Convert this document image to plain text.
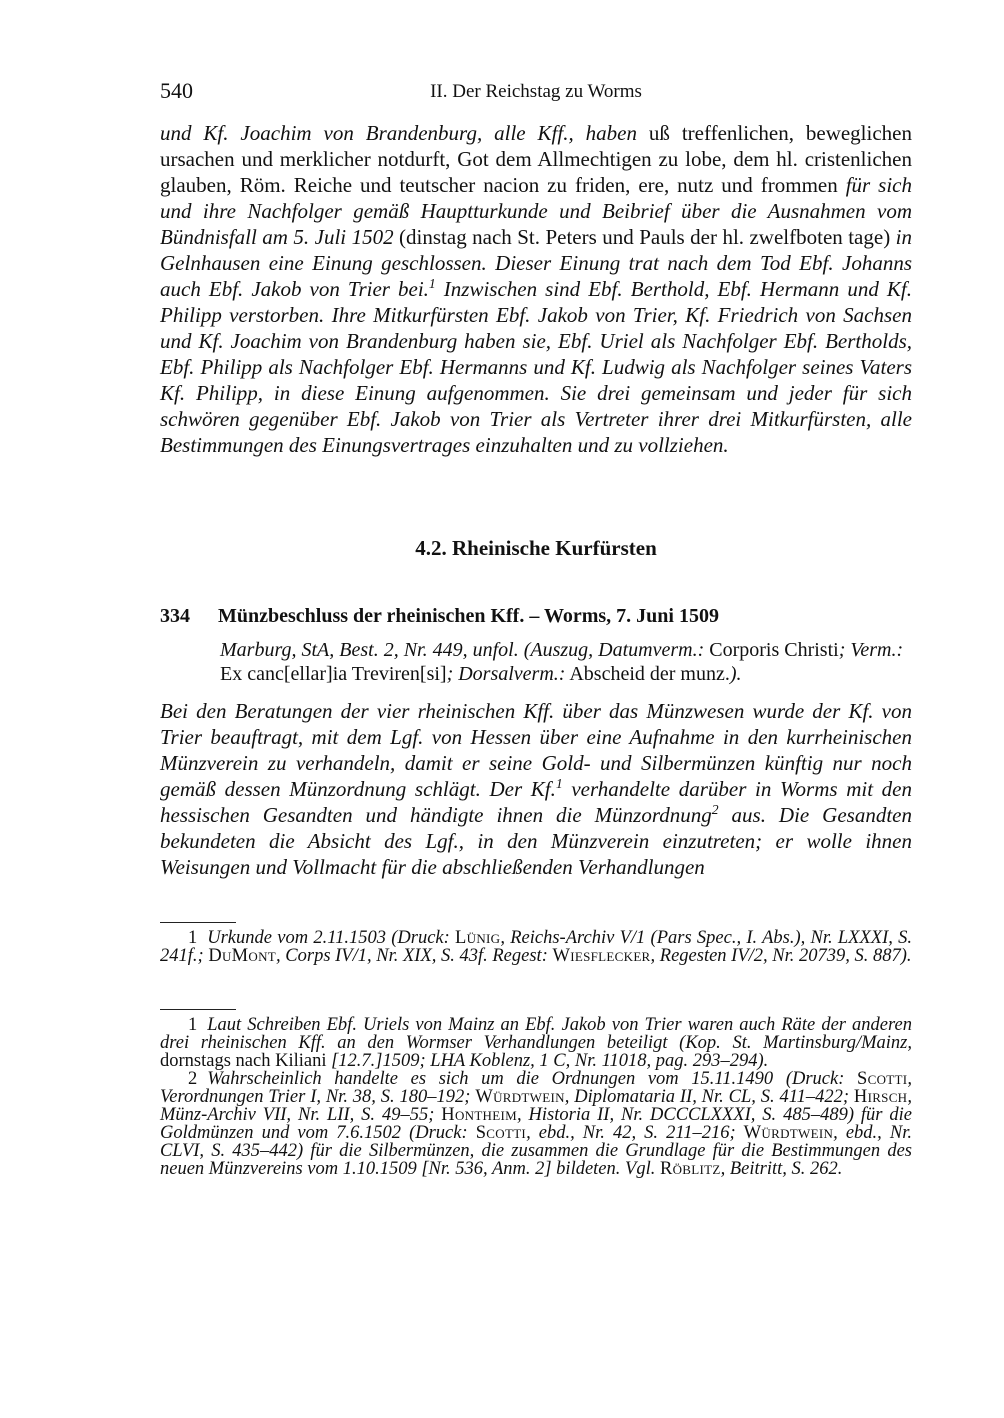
540	II. Der Reichstag zu Worms
und Kf. Joachim von Brandenburg, alle Kff., haben uß treffenlichen, beweglichen ursachen und merklicher notdurft, Got dem Allmechtigen zu lobe, dem hl. cristenlichen glauben, Röm. Reiche und teutscher nacion zu friden, ere, nutz und frommen für sich und ihre Nachfolger gemäß Hauptturkunde und Beibrief über die Ausnahmen vom Bündnisfall am 5. Juli 1502 (dinstag nach St. Peters und Pauls der hl. zwelfboten tage) in Gelnhausen eine Einung geschlossen. Dieser Einung trat nach dem Tod Ebf. Johanns auch Ebf. Jakob von Trier bei.$^1$ Inzwischen sind Ebf. Berthold, Ebf. Hermann und Kf. Philipp verstorben. Ihre Mitkurfürsten Ebf. Jakob von Trier, Kf. Friedrich von Sachsen und Kf. Joachim von Brandenburg haben sie, Ebf. Uriel als Nachfolger Ebf. Bertholds, Ebf. Philipp als Nachfolger Ebf. Hermanns und Kf. Ludwig als Nachfolger seines Vaters Kf. Philipp, in diese Einung aufgenommen. Sie drei gemeinsam und jeder für sich schwören gegenüber Ebf. Jakob von Trier als Vertreter ihrer drei Mitkurfürsten, alle Bestimmungen des Einungsvertrages einzuhalten und zu vollziehen.
4.2. Rheinische Kurfürsten
334 Münzbeschluss der rheinischen Kff. – Worms, 7. Juni 1509
Marburg, StA, Best. 2, Nr. 449, unfol. (Auszug, Datumverm.: Corporis Christi; Verm.: Ex canc[ellar]ia Treviren[si]; Dorsalverm.: Abscheid der munz.).
Bei den Beratungen der vier rheinischen Kff. über das Münzwesen wurde der Kf. von Trier beauftragt, mit dem Lgf. von Hessen über eine Aufnahme in den kurrheinischen Münzverein zu verhandeln, damit er seine Gold- und Silbermünzen künftig nur noch gemäß dessen Münzordnung schlägt. Der Kf.$^1$ verhandelte darüber in Worms mit den hessischen Gesandten und händigte ihnen die Münzordnung$^2$ aus. Die Gesandten bekundeten die Absicht des Lgf., in den Münzverein einzutreten; er wolle ihnen Weisungen und Vollmacht für die abschließenden Verhandlungen
1 Urkunde vom 2.11.1503 (Druck: Lünig, Reichs-Archiv V/1 (Pars Spec., I. Abs.), Nr. LXXXI, S. 241f.; DuMont, Corps IV/1, Nr. XIX, S. 43f. Regest: Wiesflecker, Regesten IV/2, Nr. 20739, S. 887).
1 Laut Schreiben Ebf. Uriels von Mainz an Ebf. Jakob von Trier waren auch Räte der anderen drei rheinischen Kff. an den Wormser Verhandlungen beteiligt (Kop. St. Martinsburg/Mainz, dornstags nach Kiliani [12.7.]1509; LHA Koblenz, 1 C, Nr. 11018, pag. 293–294).
2 Wahrscheinlich handelte es sich um die Ordnungen vom 15.11.1490 (Druck: Scotti, Verordnungen Trier I, Nr. 38, S. 180–192; Würdtwein, Diplomataria II, Nr. CL, S. 411–422; Hirsch, Münz-Archiv VII, Nr. LII, S. 49–55; Hontheim, Historia II, Nr. DCCCLXXXI, S. 485–489) für die Goldmünzen und vom 7.6.1502 (Druck: Scotti, ebd., Nr. 42, S. 211–216; Würdtwein, ebd., Nr. CLVI, S. 435–442) für die Silbermünzen, die zusammen die Grundlage für die Bestimmungen des neuen Münzvereins vom 1.10.1509 [Nr. 536, Anm. 2] bildeten. Vgl. Röblitz, Beitritt, S. 262.
